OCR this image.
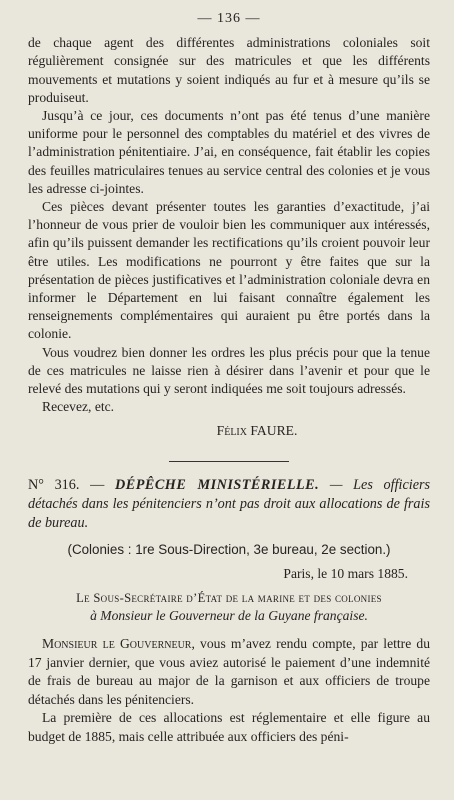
— 136 —

de chaque agent des différentes administrations coloniales soit régulièrement consignée sur des matricules et que les différents mouvements et mutations y soient indiqués au fur et à mesure qu’ils se produiseut.

Jusqu’à ce jour, ces documents n’ont pas été tenus d’une manière uniforme pour le personnel des comptables du matériel et des vivres de l’administration pénitentiaire. J’ai, en conséquence, fait établir les copies des feuilles matriculaires tenues au service central des colonies et je vous les adresse ci-jointes.

Ces pièces devant présenter toutes les garanties d’exactitude, j’ai l’honneur de vous prier de vouloir bien les communiquer aux intéressés, afin qu’ils puissent demander les rectifications qu’ils croient pouvoir leur être utiles. Les modifications ne pourront y être faites que sur la présentation de pièces justificatives et l’administration coloniale devra en informer le Département en lui faisant connaître également les renseignements complémentaires qui auraient pu être portés dans la colonie.

Vous voudrez bien donner les ordres les plus précis pour que la tenue de ces matricules ne laisse rien à désirer dans l’avenir et pour que le relevé des mutations qui y seront indiquées me soit toujours adressés.

Recevez, etc.

Félix FAURE.

N° 316. — DÉPÊCHE MINISTÉRIELLE. — Les officiers détachés dans les pénitenciers n’ont pas droit aux allocations de frais de bureau.

(Colonies : 1re Sous-Direction, 3e bureau, 2e section.)
Paris, le 10 mars 1885.
Le Sous-Secrétaire d’État de la marine et des colonies
à Monsieur le Gouverneur de la Guyane française.

Monsieur le Gouverneur, vous m’avez rendu compte, par lettre du 17 janvier dernier, que vous aviez autorisé le paiement d’une indemnité de frais de bureau au major de la garnison et aux officiers de troupe détachés dans les pénitenciers.

La première de ces allocations est réglementaire et elle figure au budget de 1885, mais celle attribuée aux officiers des péni-
